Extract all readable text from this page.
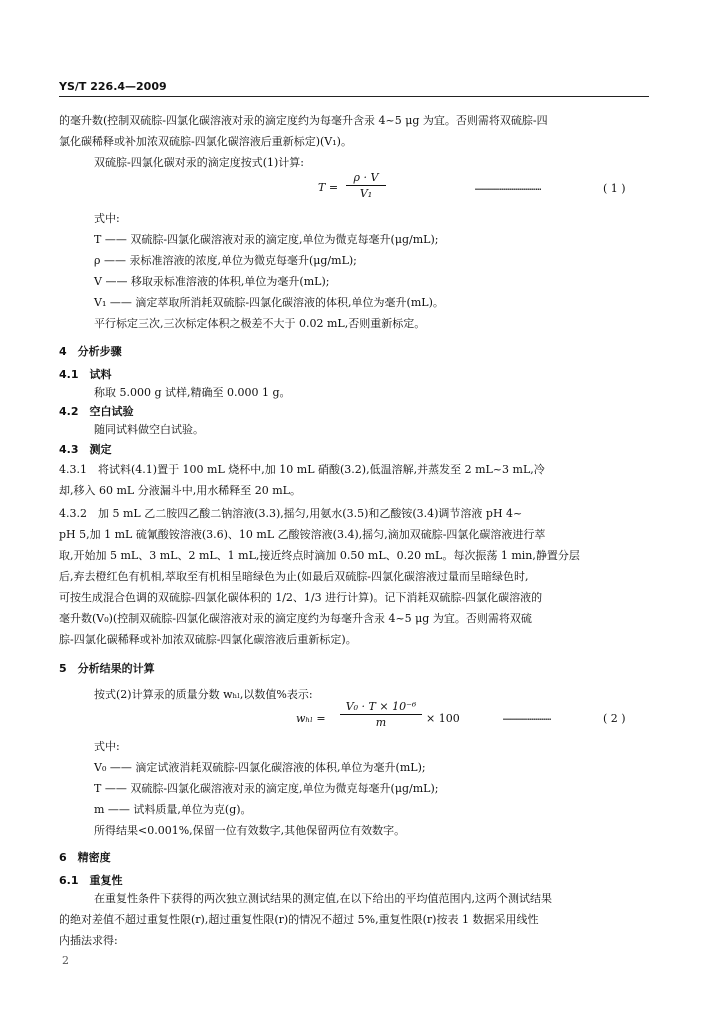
YS/T 226.4—2009
的毫升数(控制双硫腙-四氯化碳溶液对汞的滴定度约为每毫升含汞 4~5 μg 为宜。否则需将双硫腙-四
氯化碳稀释或补加浓双硫腙-四氯化碳溶液后重新标定)(V₁)。
双硫腙-四氯化碳对汞的滴定度按式(1)计算:
T =
ρ · V
V₁	……………………………	( 1 )
式中:
T —— 双硫腙-四氯化碳溶液对汞的滴定度,单位为微克每毫升(μg/mL);
ρ —— 汞标准溶液的浓度,单位为微克每毫升(μg/mL);
V —— 移取汞标准溶液的体积,单位为毫升(mL);
V₁ —— 滴定萃取所消耗双硫腙-四氯化碳溶液的体积,单位为毫升(mL)。
平行标定三次,三次标定体积之极差不大于 0.02 mL,否则重新标定。
4　分析步骤
4.1　试料
称取 5.000 g 试样,精确至 0.000 1 g。
4.2　空白试验
随同试料做空白试验。
4.3　测定
4.3.1　将试料(4.1)置于 100 mL 烧杯中,加 10 mL 硝酸(3.2),低温溶解,并蒸发至 2 mL~3 mL,冷
却,移入 60 mL 分液漏斗中,用水稀释至 20 mL。
4.3.2　加 5 mL 乙二胺四乙酸二钠溶液(3.3),摇匀,用氨水(3.5)和乙酸铵(3.4)调节溶液 pH 4~
pH 5,加 1 mL 硫氰酸铵溶液(3.6)、10 mL 乙酸铵溶液(3.4),摇匀,滴加双硫腙-四氯化碳溶液进行萃
取,开始加 5 mL、3 mL、2 mL、1 mL,接近终点时滴加 0.50 mL、0.20 mL。每次振荡 1 min,静置分层
后,弃去橙红色有机相,萃取至有机相呈暗绿色为止(如最后双硫腙-四氯化碳溶液过量而呈暗绿色时,
可按生成混合色调的双硫腙-四氯化碳体积的 1/2、1/3 进行计算)。记下消耗双硫腙-四氯化碳溶液的
毫升数(V₀)(控制双硫腙-四氯化碳溶液对汞的滴定度约为每毫升含汞 4~5 μg 为宜。否则需将双硫
腙-四氯化碳稀释或补加浓双硫腙-四氯化碳溶液后重新标定)。
5　分析结果的计算
按式(2)计算汞的质量分数 wₕₗ,以数值%表示:
wₕₗ =
V₀ · T × 10⁻⁶
m	× 100	……………………	( 2 )
式中:
V₀ —— 滴定试液消耗双硫腙-四氯化碳溶液的体积,单位为毫升(mL);
T —— 双硫腙-四氯化碳溶液对汞的滴定度,单位为微克每毫升(μg/mL);
m —— 试料质量,单位为克(g)。
所得结果<0.001%,保留一位有效数字,其他保留两位有效数字。
6　精密度
6.1　重复性
在重复性条件下获得的两次独立测试结果的测定值,在以下给出的平均值范围内,这两个测试结果
的绝对差值不超过重复性限(r),超过重复性限(r)的情况不超过 5%,重复性限(r)按表 1 数据采用线性
内插法求得:
2
